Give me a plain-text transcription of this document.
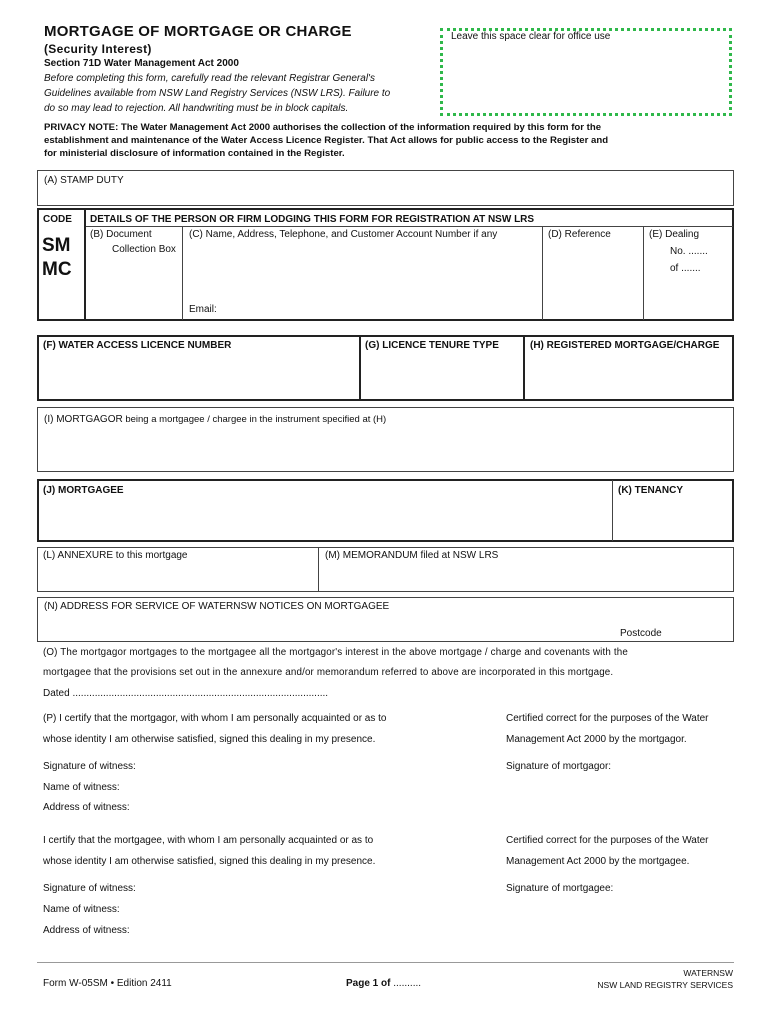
MORTGAGE OF MORTGAGE OR CHARGE
(Security Interest)
Section 71D Water Management Act 2000
Before completing this form, carefully read the relevant Registrar General's
Guidelines available from NSW Land Registry Services (NSW LRS). Failure to
do so may lead to rejection. All handwriting must be in block capitals.
Leave this space clear for office use
PRIVACY NOTE: The Water Management Act 2000 authorises the collection of the information required by this form for the
establishment and maintenance of the Water Access Licence Register. That Act allows for public access to the Register and
for ministerial disclosure of information contained in the Register.
(A) STAMP DUTY
CODE
SM
MC
DETAILS OF THE PERSON OR FIRM LODGING THIS FORM FOR REGISTRATION AT NSW LRS
(B) Document
Collection Box
(C) Name, Address, Telephone, and Customer Account Number if any
Email:
(D) Reference	(E) Dealing
No. .......
of .......
(F) WATER ACCESS LICENCE NUMBER	(G) LICENCE TENURE TYPE	(H) REGISTERED MORTGAGE/CHARGE
(I) MORTGAGOR being a mortgagee / chargee in the instrument specified at (H)
(J) MORTGAGEE	(K) TENANCY
(L) ANNEXURE to this mortgage	(M) MEMORANDUM filed at NSW LRS
(N) ADDRESS FOR SERVICE OF WATERNSW NOTICES ON MORTGAGEE
Postcode
(O) The mortgagor mortgages to the mortgagee all the mortgagor's interest in the above mortgage / charge and covenants with the
mortgagee that the provisions set out in the annexure and/or memorandum referred to above are incorporated in this mortgage.
Dated ............................................................................................
(P) I certify that the mortgagor, with whom I am personally acquainted or as to
whose identity I am otherwise satisfied, signed this dealing in my presence.
Signature of witness:
Name of witness:
Address of witness:
Certified correct for the purposes of the Water
Management Act 2000 by the mortgagor.
Signature of mortgagor:
I certify that the mortgagee, with whom I am personally acquainted or as to
whose identity I am otherwise satisfied, signed this dealing in my presence.
Signature of witness:
Name of witness:
Address of witness:
Certified correct for the purposes of the Water
Management Act 2000 by the mortgagee.
Signature of mortgagee:
Form W-05SM • Edition 2411	Page 1 of ..........
WATERNSW
NSW LAND REGISTRY SERVICES
